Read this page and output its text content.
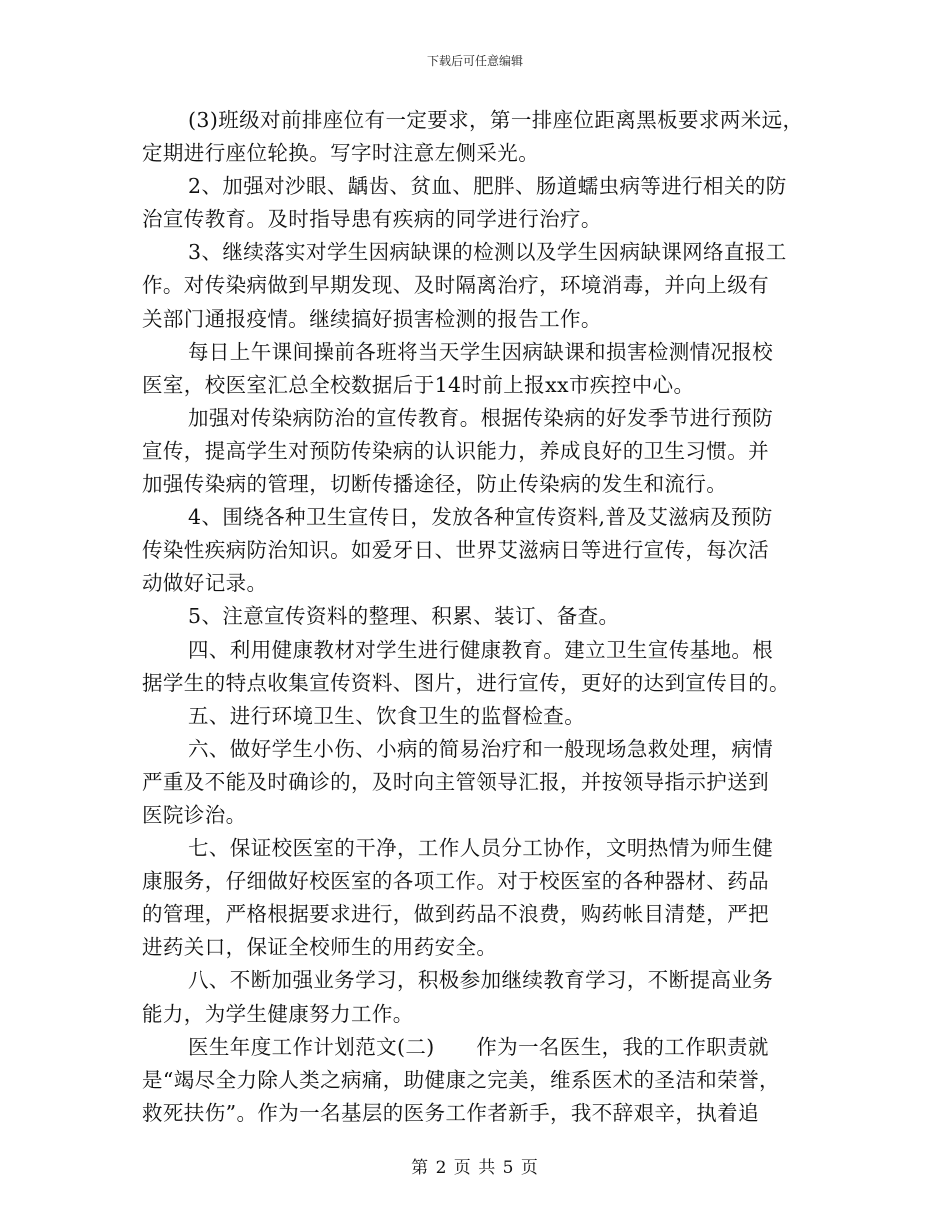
下载后可任意编辑
(3)班级对前排座位有一定要求，第一排座位距离黑板要求两米远，
定期进行座位轮换。写字时注意左侧采光。
2、加强对沙眼、龋齿、贫血、肥胖、肠道蠕虫病等进行相关的防
治宣传教育。及时指导患有疾病的同学进行治疗。
3、继续落实对学生因病缺课的检测以及学生因病缺课网络直报工
作。对传染病做到早期发现、及时隔离治疗，环境消毒，并向上级有
关部门通报疫情。继续搞好损害检测的报告工作。
每日上午课间操前各班将当天学生因病缺课和损害检测情况报校
医室，校医室汇总全校数据后于14时前上报xx市疾控中心。
加强对传染病防治的宣传教育。根据传染病的好发季节进行预防
宣传，提高学生对预防传染病的认识能力，养成良好的卫生习惯。并
加强传染病的管理，切断传播途径，防止传染病的发生和流行。
4、围绕各种卫生宣传日，发放各种宣传资料,普及艾滋病及预防
传染性疾病防治知识。如爱牙日、世界艾滋病日等进行宣传，每次活
动做好记录。
5、注意宣传资料的整理、积累、装订、备查。
四、利用健康教材对学生进行健康教育。建立卫生宣传基地。根
据学生的特点收集宣传资料、图片，进行宣传，更好的达到宣传目的。
五、进行环境卫生、饮食卫生的监督检查。
六、做好学生小伤、小病的简易治疗和一般现场急救处理，病情
严重及不能及时确诊的，及时向主管领导汇报，并按领导指示护送到
医院诊治。
七、保证校医室的干净，工作人员分工协作，文明热情为师生健
康服务，仔细做好校医室的各项工作。对于校医室的各种器材、药品
的管理，严格根据要求进行，做到药品不浪费，购药帐目清楚，严把
进药关口，保证全校师生的用药安全。
八、不断加强业务学习，积极参加继续教育学习，不断提高业务
能力，为学生健康努力工作。
医生年度工作计划范文(二)      作为一名医生，我的工作职责就
是“竭尽全力除人类之病痛，助健康之完美，维系医术的圣洁和荣誉，
救死扶伤”。作为一名基层的医务工作者新手，我不辞艰辛，执着追
第 2 页 共 5 页
